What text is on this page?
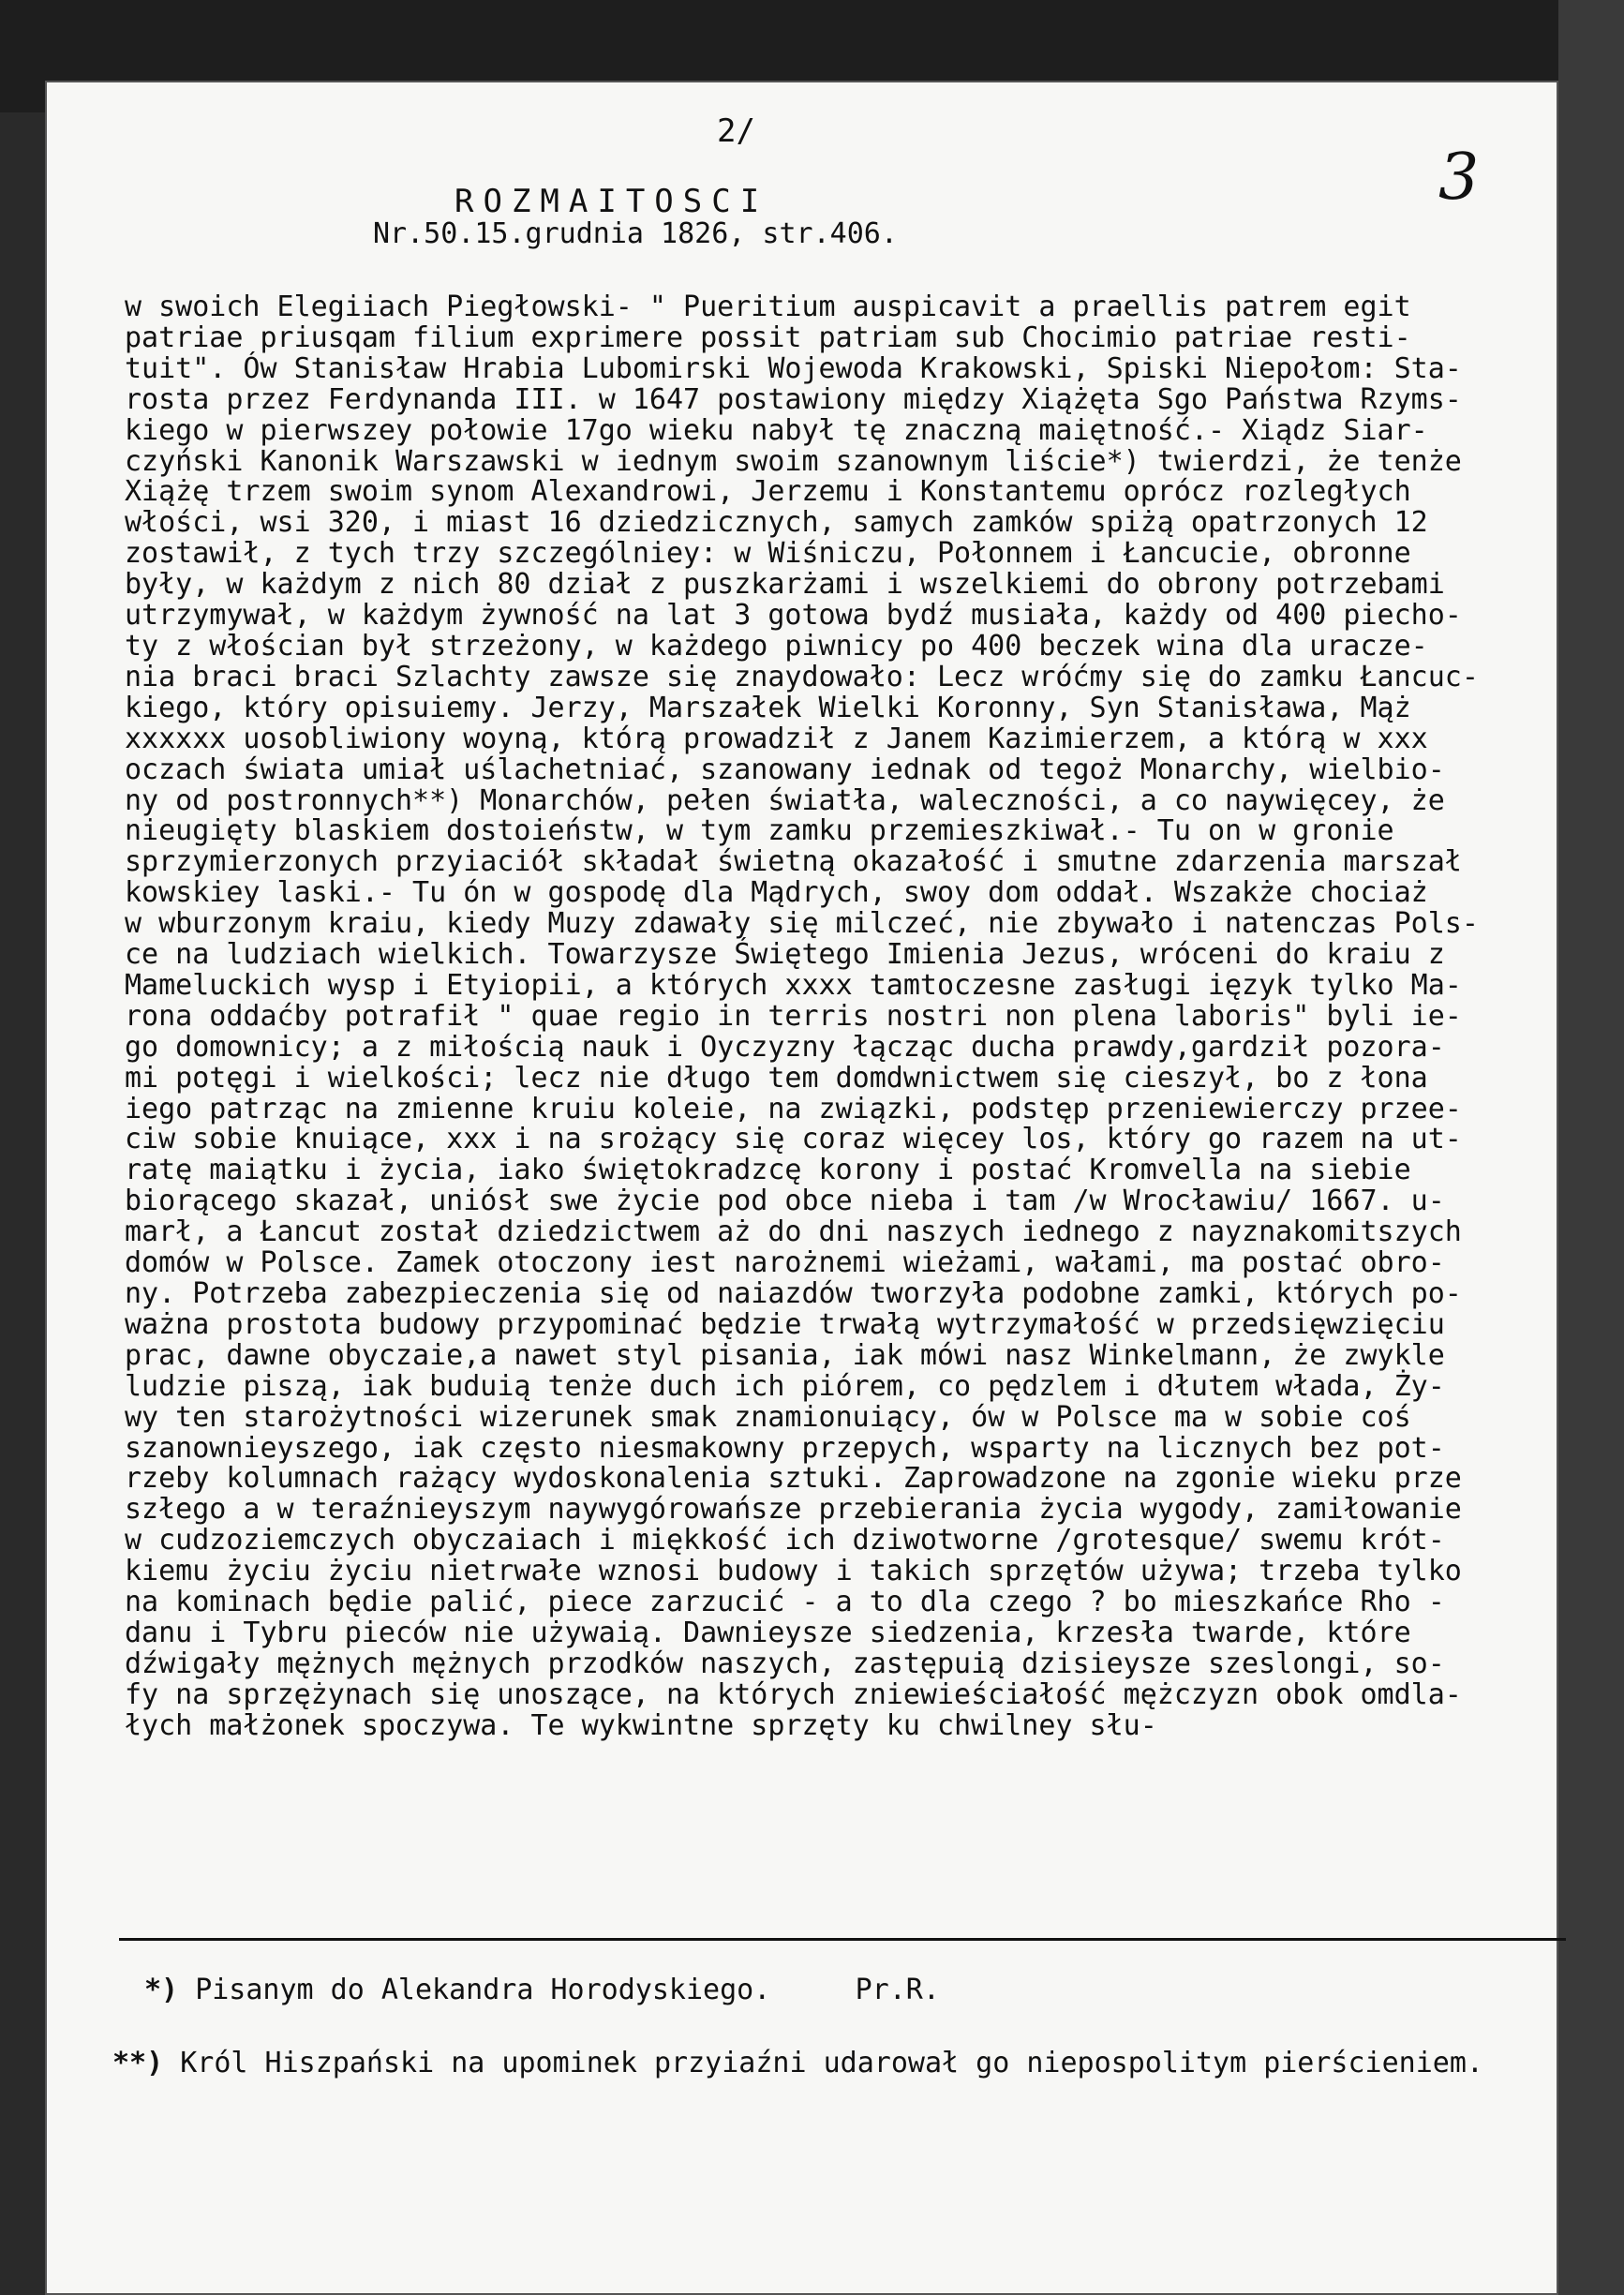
2/
3
ROZMAITOSCI
Nr.50.15.grudnia 1826, str.406.
w swoich Elegiiach Piegłowski- " Pueritium auspicavit a praellis patrem egit
patriae priusqam filium exprimere possit patriam sub Chocimio patriae resti-
tuit". Ów Stanisław Hrabia Lubomirski Wojewoda Krakowski, Spiski Niepołom: Sta-
rosta przez Ferdynanda III. w 1647 postawiony między Xiążęta Sgo Państwa Rzyms-
kiego w pierwszey połowie 17go wieku nabył tę znaczną maiętność.- Xiądz Siar-
czyński Kanonik Warszawski w iednym swoim szanownym liście*) twierdzi, że tenże
Xiążę trzem swoim synom Alexandrowi, Jerzemu i Konstantemu oprócz rozległych
włości, wsi 320, i miast 16 dziedzicznych, samych zamków spiżą opatrzonych 12
zostawił, z tych trzy szczególniey: w Wiśniczu, Połonnem i Łancucie, obronne
były, w każdym z nich 80 dział z puszkarżami i wszelkiemi do obrony potrzebami
utrzymywał, w każdym żywność na lat 3 gotowa bydź musiała, każdy od 400 piecho-
ty z włościan był strzeżony, w każdego piwnicy po 400 beczek wina dla uracze-
nia braci braci Szlachty zawsze się znaydowało: Lecz wróćmy się do zamku Łancuc-
kiego, który opisuiemy. Jerzy, Marszałek Wielki Koronny, Syn Stanisława, Mąż
xxxxxx uosobliwiony woyną, którą prowadził z Janem Kazimierzem, a którą w xxx
oczach świata umiał uślachetniać, szanowany iednak od tegoż Monarchy, wielbio-
ny od postronnych**) Monarchów, pełen światła, waleczności, a co naywięcey, że
nieugięty blaskiem dostoieństw, w tym zamku przemieszkiwał.- Tu on w gronie
sprzymierzonych przyiaciół składał świetną okazałość i smutne zdarzenia marszał
kowskiey laski.- Tu ón w gospodę dla Mądrych, swoy dom oddał. Wszakże chociaż
w wburzonym kraiu, kiedy Muzy zdawały się milczeć, nie zbywało i natenczas Pols-
ce na ludziach wielkich. Towarzysze Świętego Imienia Jezus, wróceni do kraiu z
Mameluckich wysp i Etyiopii, a których xxxx tamtoczesne zasługi ięzyk tylko Ma-
rona oddaćby potrafił " quae regio in terris nostri non plena laboris" byli ie-
go domownicy; a z miłością nauk i Oyczyzny łącząc ducha prawdy,gardził pozora-
mi potęgi i wielkości; lecz nie długo tem domdwnictwem się cieszył, bo z łona
iego patrząc na zmienne kruiu koleie, na związki, podstęp przeniewierczy przee-
ciw sobie knuiące, xxx i na srożący się coraz więcey los, który go razem na ut-
ratę maiątku i życia, iako świętokradzcę korony i postać Kromvella na siebie
biorącego skazał, uniósł swe życie pod obce nieba i tam /w Wrocławiu/ 1667. u-
marł, a Łancut został dziedzictwem aż do dni naszych iednego z nayznakomitszych
domów w Polsce. Zamek otoczony iest narożnemi wieżami, wałami, ma postać obro-
ny. Potrzeba zabezpieczenia się od naiazdów tworzyła podobne zamki, których po-
ważna prostota budowy przypominać będzie trwałą wytrzymałość w przedsięwzięciu
prac, dawne obyczaie,a nawet styl pisania, iak mówi nasz Winkelmann, że zwykle
ludzie piszą, iak buduią tenże duch ich piórem, co pędzlem i dłutem włada, Ży-
wy ten starożytności wizerunek smak znamionuiący, ów w Polsce ma w sobie coś
szanownieyszego, iak często niesmakowny przepych, wsparty na licznych bez pot-
rzeby kolumnach rażący wydoskonalenia sztuki. Zaprowadzone na zgonie wieku prze
szłego a w teraźnieyszym naywygórowańsze przebierania życia wygody, zamiłowanie
w cudzoziemczych obyczaiach i miękkość ich dziwotworne /grotesque/ swemu krót-
kiemu życiu życiu nietrwałe wznosi budowy i takich sprzętów używa; trzeba tylko
na kominach będie palić, piece zarzucić - a to dla czego ? bo mieszkańce Rho -
danu i Tybru pieców nie używaią. Dawnieysze siedzenia, krzesła twarde, które
dźwigały mężnych mężnych przodków naszych, zastępuią dzisieysze szeslongi, so-
fy na sprzężynach się unoszące, na których zniewieściałość mężczyzn obok omdla-
łych małżonek spoczywa. Te wykwintne sprzęty ku chwilney słu-
*) Pisanym do Alekandra Horodyskiego.     Pr.R.
**) Król Hiszpański na upominek przyiaźni udarował go niepospolitym pierścieniem.
